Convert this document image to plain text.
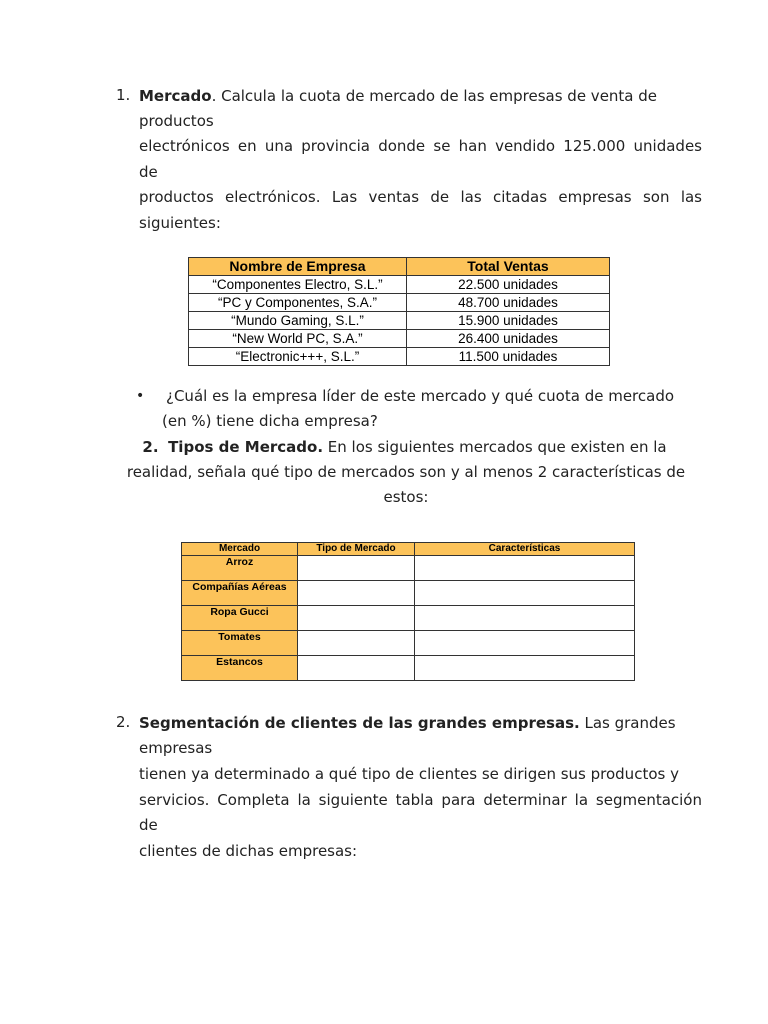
1. Mercado. Calcula la cuota de mercado de las empresas de venta de
productos
electrónicos en una provincia donde se han vendido 125.000 unidades
de
productos electrónicos. Las ventas de las citadas empresas son las
siguientes:
Nombre de Empresa	Total Ventas
“Componentes Electro, S.L.”	22.500 unidades
“PC y Componentes, S.A.”	48.700 unidades
“Mundo Gaming, S.L.”	15.900 unidades
“New World PC, S.A.”	26.400 unidades
“Electronic+++, S.L.”	11.500 unidades
• ¿Cuál es la empresa líder de este mercado y qué cuota de mercado
(en %) tiene dicha empresa?
2. Tipos de Mercado. En los siguientes mercados que existen en la
realidad, señala qué tipo de mercados son y al menos 2 características de
estos:
Mercado	Tipo de Mercado	Características
Arroz		
Compañías Aéreas		
Ropa Gucci		
Tomates		
Estancos		
2. Segmentación de clientes de las grandes empresas. Las grandes
empresas
tienen ya determinado a qué tipo de clientes se dirigen sus productos y
servicios. Completa la siguiente tabla para determinar la segmentación
de
clientes de dichas empresas:
